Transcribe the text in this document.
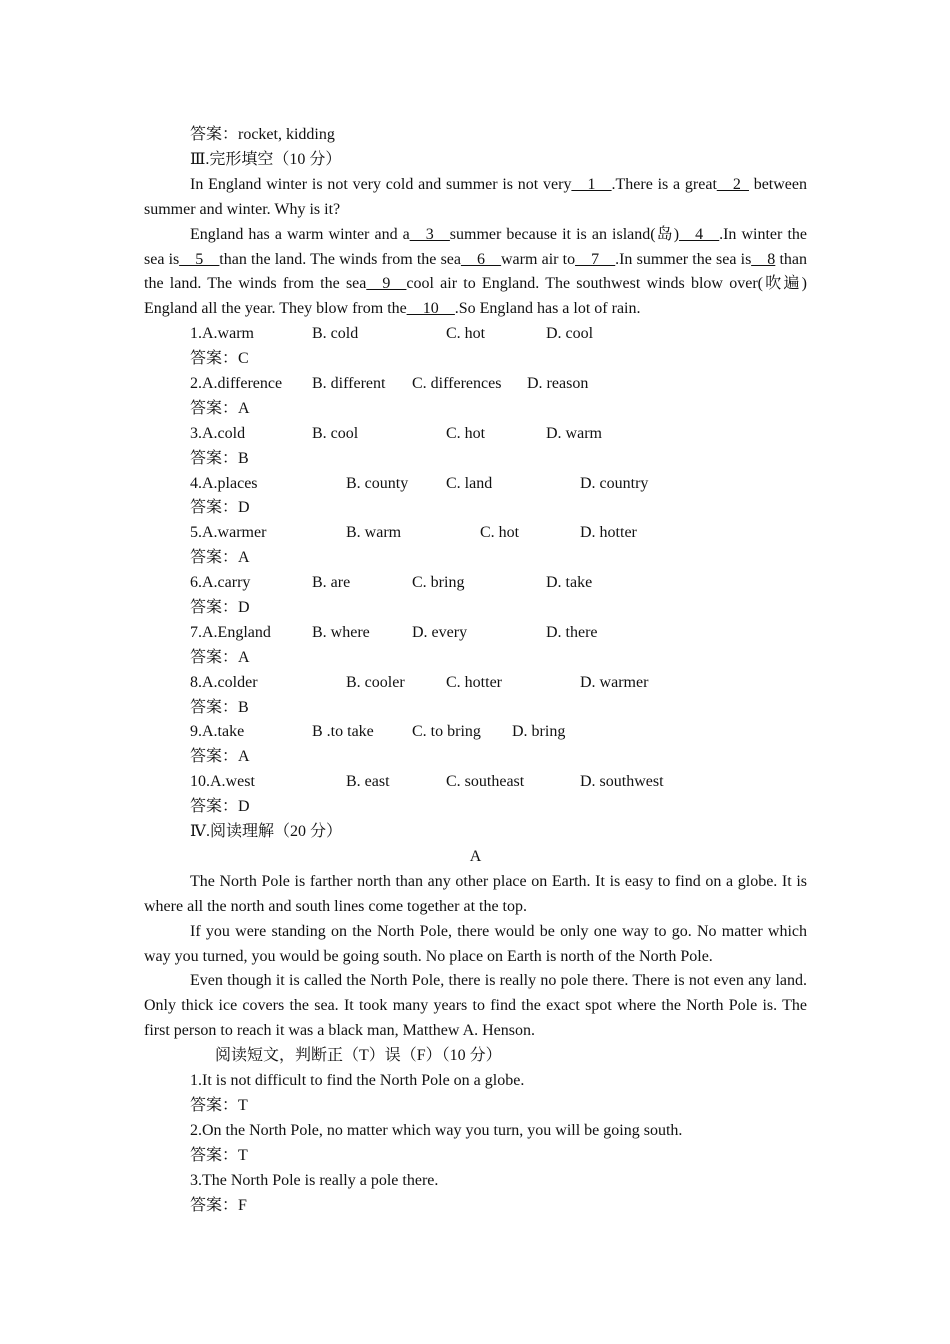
答案：rocket, kidding
Ⅲ.完形填空（10 分）

In England winter is not very cold and summer is not very__1__.There is a great__2_ between summer and winter. Why is it?

England has a warm winter and a__3__summer because it is an island(岛)__4__.In winter the sea is__5__than the land. The winds from the sea__6__warm air to__7__.In summer the sea is__8 than the land. The winds from the sea__9__cool air to England. The southwest winds blow over(吹遍) England all the year. They blow from the__10__.So England has a lot of rain.

1.A.warm	B. cold	C. hot	D. cool
答案：C
2.A.difference B. different C. differences D. reason
答案：A
3.A.cold	B. cool	C. hot	D. warm
答案：B
4.A.places	B. county C. land	D. country
答案：D
5.A.warmer	B. warm	C. hot	D. hotter
答案：A
6.A.carry	B. are	C. bring	D. take
答案：D
7.A.England	B. where	D. every	D. there
答案：A
8.A.colder	B. cooler	C. hotter	D. warmer
答案：B
9.A.take	B .to take C. to bring D. bring
答案：A
10.A.west	B. east	C. southeast	D. southwest
答案：D
Ⅳ.阅读理解（20 分）
A

The North Pole is farther north than any other place on Earth. It is easy to find on a globe. It is where all the north and south lines come together at the top.

If you were standing on the North Pole, there would be only one way to go. No matter which way you turned, you would be going south. No place on Earth is north of the North Pole.

Even though it is called the North Pole, there is really no pole there. There is not even any land. Only thick ice covers the sea. It took many years to find the exact spot where the North Pole is. The first person to reach it was a black man, Matthew A. Henson.

阅读短文，判断正（T）误（F）（10 分）
1.It is not difficult to find the North Pole on a globe.
答案：T
2.On the North Pole, no matter which way you turn, you will be going south.
答案：T
3.The North Pole is really a pole there.
答案：F
